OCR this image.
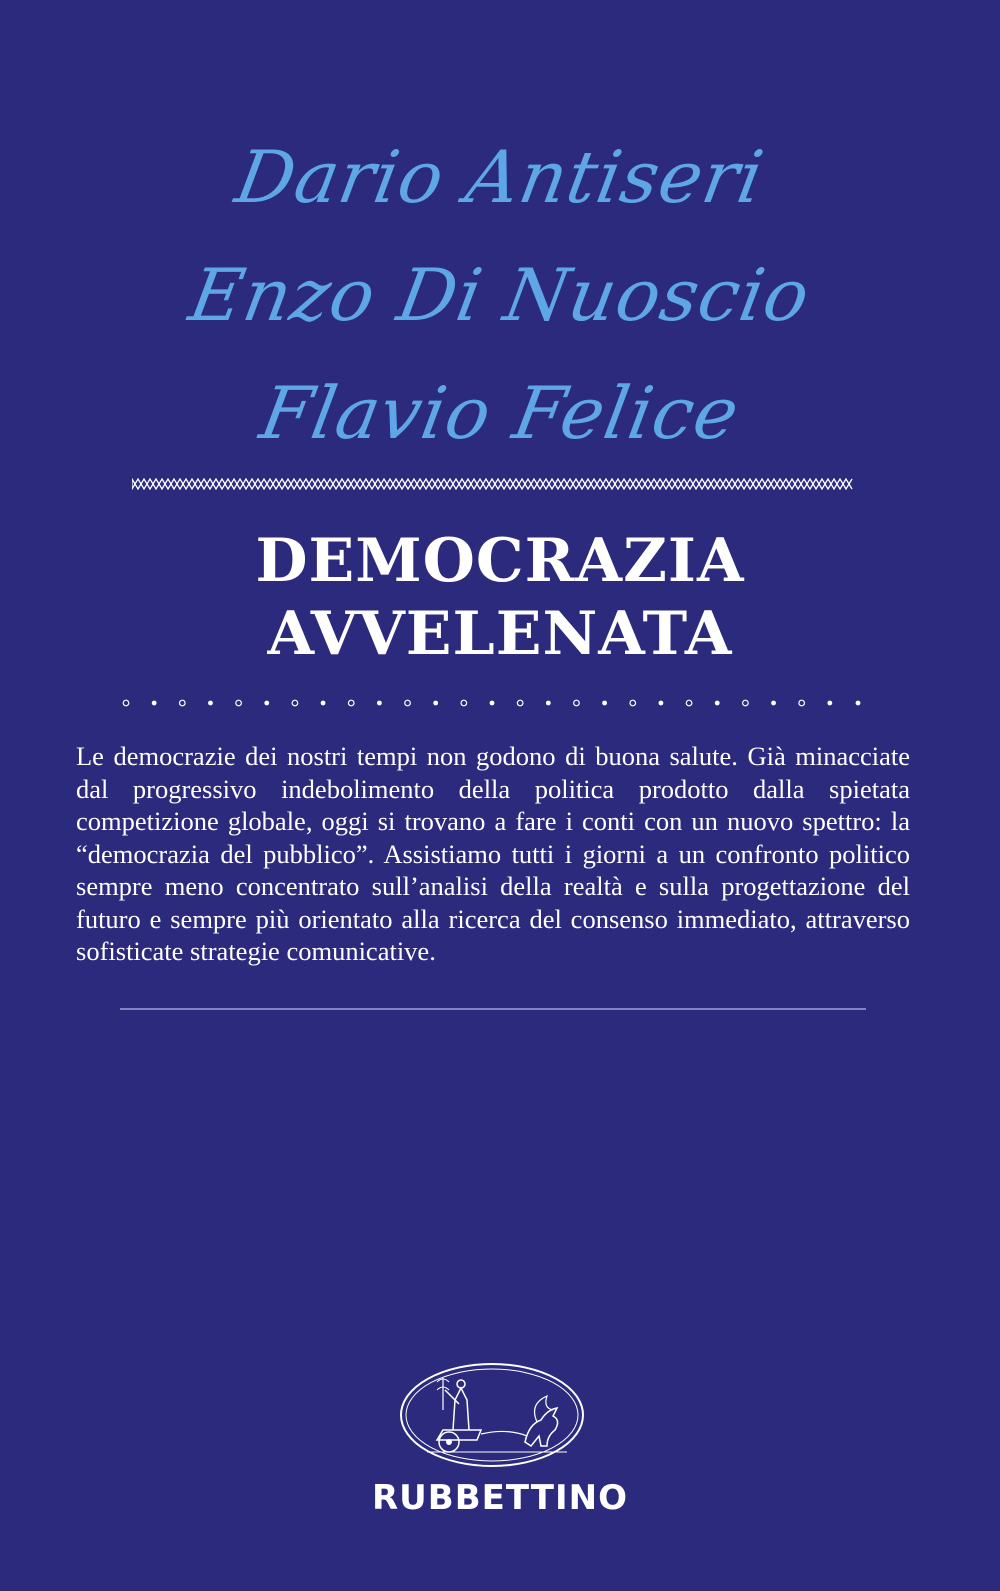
Dario Antiseri
Enzo Di Nuoscio
Flavio Felice
DEMOCRAZIA
AVVELENATA

Le democrazie dei nostri tempi non godono di buona salute. Già minacciate dal progressivo indebolimento della politica prodotto dalla spietata competizione globale, oggi si trovano a fare i conti con un nuovo spettro: la “democrazia del pubblico”. Assistiamo tutti i giorni a un confronto politico sempre meno concentrato sull’analisi della realtà e sulla progettazione del futuro e sempre più orientato alla ricerca del consenso immediato, attraverso sofisticate strategie comunicative.

RUBBETTINO
